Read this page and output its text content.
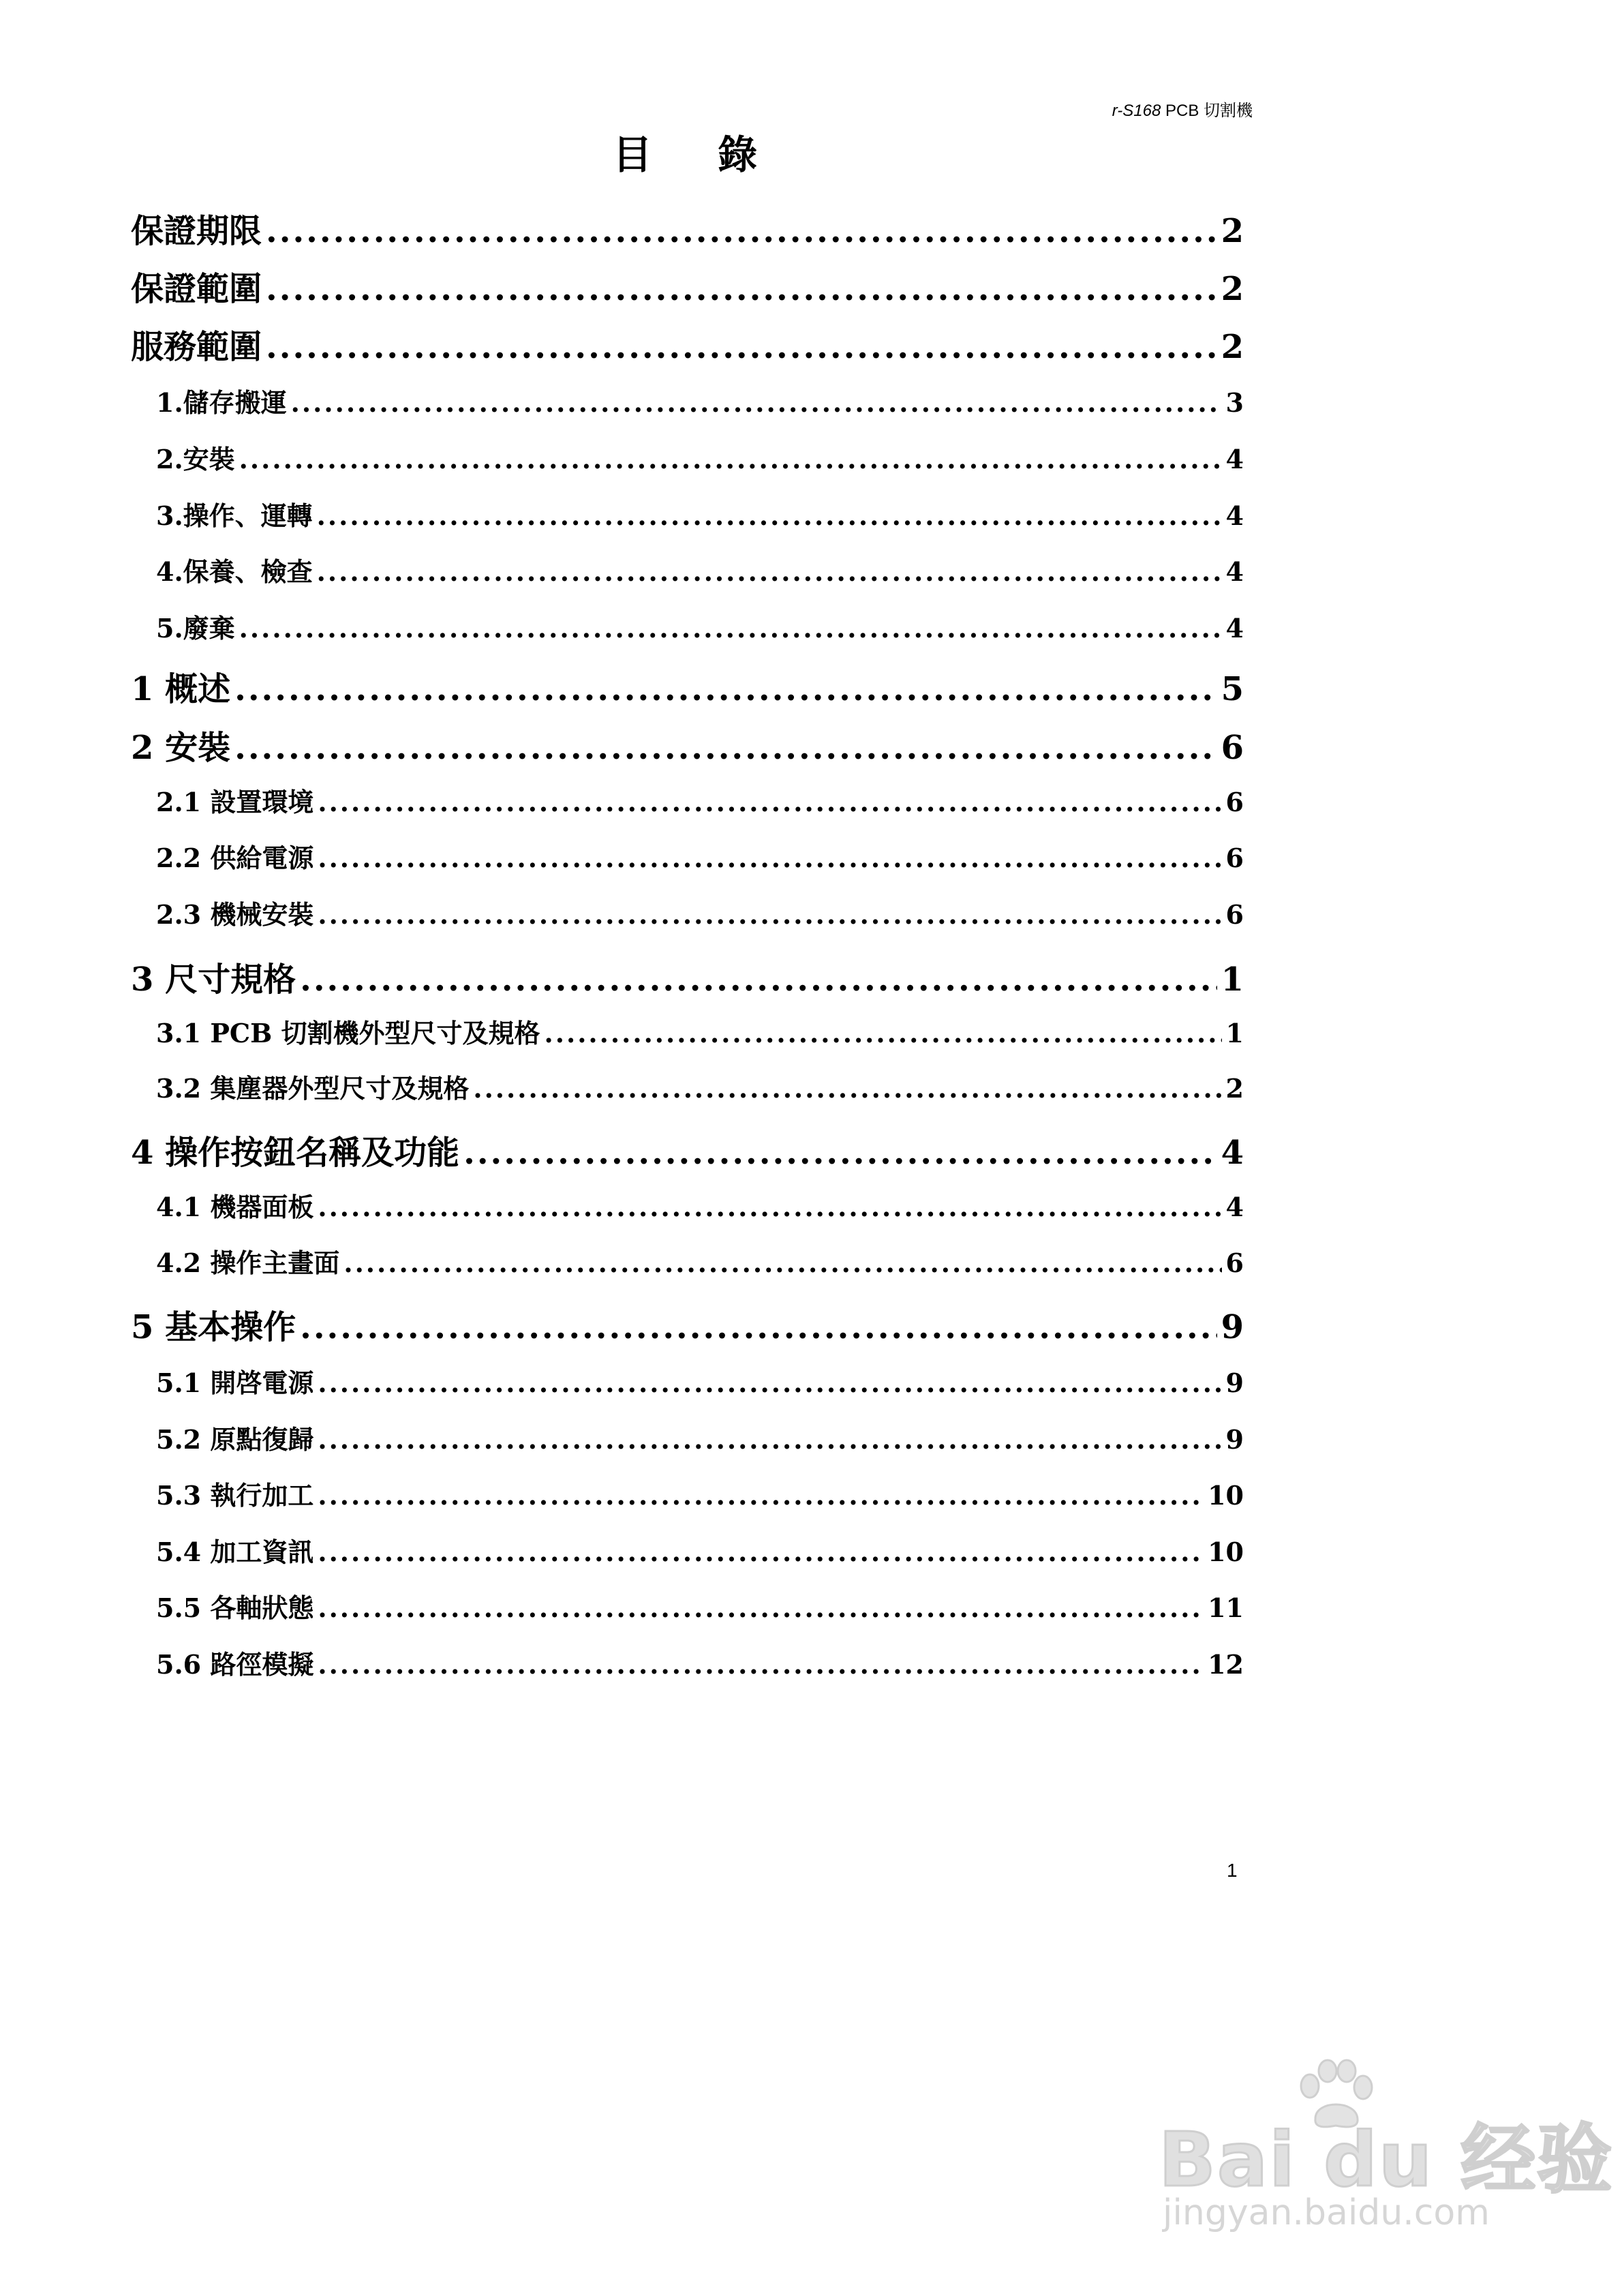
r-S168 PCB 切割機
目 錄
保證期限 .....	2
保證範圍 .....	2
服務範圍 .....	2
1.儲存搬運 .....	3
2.安裝 .....	4
3.操作、運轉 .....	4
4.保養、檢查 .....	4
5.廢棄 .....	4
1 概述 .....	5
2 安裝 .....	6
2.1 設置環境 .....	6
2.2 供給電源 .....	6
2.3 機械安裝 .....	6
3 尺寸規格 .....	1
3.1 PCB 切割機外型尺寸及規格 .....	1
3.2 集塵器外型尺寸及規格 .....	2
4 操作按鈕名稱及功能 .....	4
4.1 機器面板 .....	4
4.2 操作主畫面 .....	6
5 基本操作 .....	9
5.1 開啓電源 .....	9
5.2 原點復歸 .....	9
5.3 執行加工 .....	10
5.4 加工資訊 .....	10
5.5 各軸狀態 .....	11
5.6 路徑模擬 .....	12
1
Bai du 经验
jingyan.baidu.com
